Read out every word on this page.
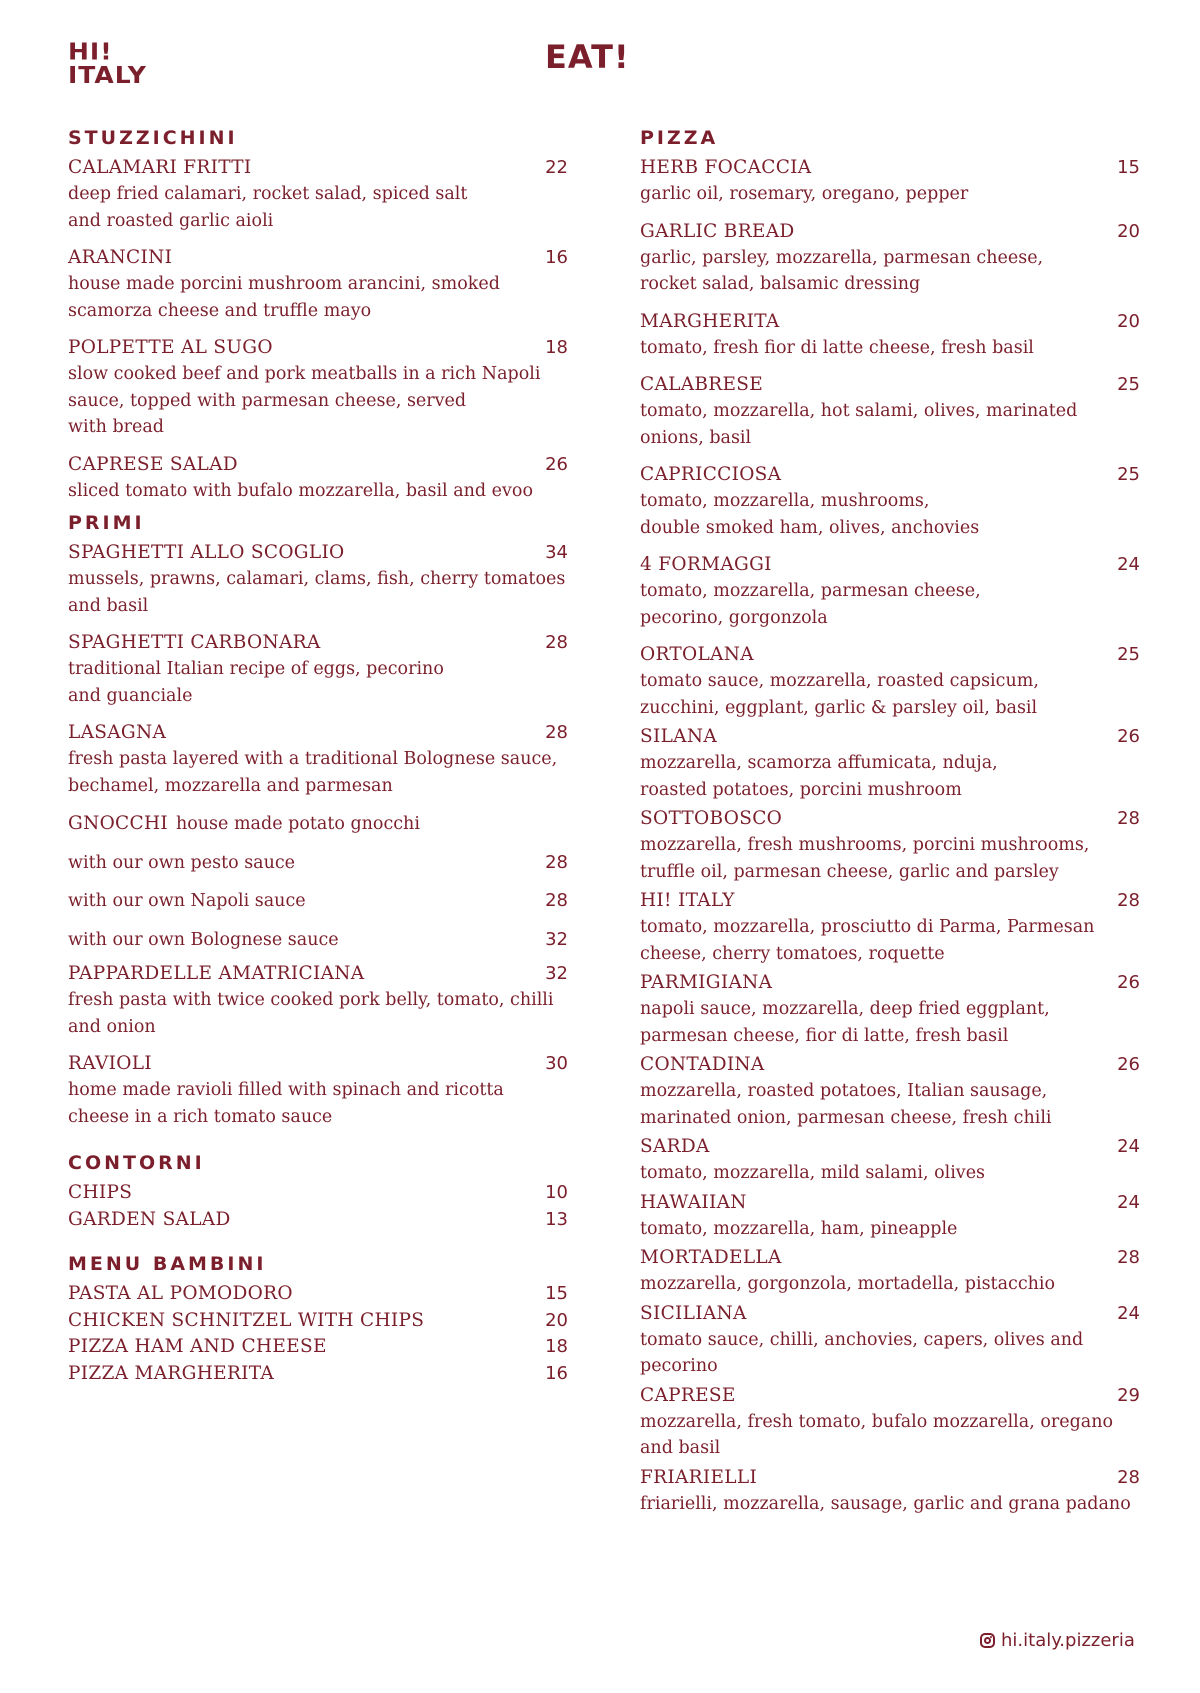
HI!
ITALY	EAT!
STUZZICHINI
CALAMARI FRITTI	22
deep fried calamari, rocket salad, spiced salt
and roasted garlic aioli
ARANCINI	16
house made porcini mushroom arancini, smoked
scamorza cheese and truffle mayo
POLPETTE AL SUGO	18
slow cooked beef and pork meatballs in a rich Napoli
sauce, topped with parmesan cheese, served
with bread
CAPRESE SALAD	26
sliced tomato with bufalo mozzarella, basil and evoo
PRIMI
SPAGHETTI ALLO SCOGLIO	34
mussels, prawns, calamari, clams, fish, cherry tomatoes
and basil
SPAGHETTI CARBONARA	28
traditional Italian recipe of eggs, pecorino
and guanciale
LASAGNA	28
fresh pasta layered with a traditional Bolognese sauce,
bechamel, mozzarella and parmesan
GNOCCHI house made potato gnocchi
with our own pesto sauce	28
with our own Napoli sauce	28
with our own Bolognese sauce	32
PAPPARDELLE AMATRICIANA	32
fresh pasta with twice cooked pork belly, tomato, chilli
and onion
RAVIOLI	30
home made ravioli filled with spinach and ricotta
cheese in a rich tomato sauce
CONTORNI
CHIPS	10
GARDEN SALAD	13
MENU BAMBINI
PASTA AL POMODORO	15
CHICKEN SCHNITZEL WITH CHIPS	20
PIZZA HAM AND CHEESE	18
PIZZA MARGHERITA	16
PIZZA
HERB FOCACCIA	15
garlic oil, rosemary, oregano, pepper
GARLIC BREAD	20
garlic, parsley, mozzarella, parmesan cheese,
rocket salad, balsamic dressing
MARGHERITA	20
tomato, fresh fior di latte cheese, fresh basil
CALABRESE	25
tomato, mozzarella, hot salami, olives, marinated
onions, basil
CAPRICCIOSA	25
tomato, mozzarella, mushrooms,
double smoked ham, olives, anchovies
4 FORMAGGI	24
tomato, mozzarella, parmesan cheese,
pecorino, gorgonzola
ORTOLANA	25
tomato sauce, mozzarella, roasted capsicum,
zucchini, eggplant, garlic & parsley oil, basil
SILANA	26
mozzarella, scamorza affumicata, nduja,
roasted potatoes, porcini mushroom
SOTTOBOSCO	28
mozzarella, fresh mushrooms, porcini mushrooms,
truffle oil, parmesan cheese, garlic and parsley
HI! ITALY	28
tomato, mozzarella, prosciutto di Parma, Parmesan
cheese, cherry tomatoes, roquette
PARMIGIANA	26
napoli sauce, mozzarella, deep fried eggplant,
parmesan cheese, fior di latte, fresh basil
CONTADINA	26
mozzarella, roasted potatoes, Italian sausage,
marinated onion, parmesan cheese, fresh chili
SARDA	24
tomato, mozzarella, mild salami, olives
HAWAIIAN	24
tomato, mozzarella, ham, pineapple
MORTADELLA	28
mozzarella, gorgonzola, mortadella, pistacchio
SICILIANA	24
tomato sauce, chilli, anchovies, capers, olives and
pecorino
CAPRESE	29
mozzarella, fresh tomato, bufalo mozzarella, oregano
and basil
FRIARIELLI	28
friarielli, mozzarella, sausage, garlic and grana padano
hi.italy.pizzeria
